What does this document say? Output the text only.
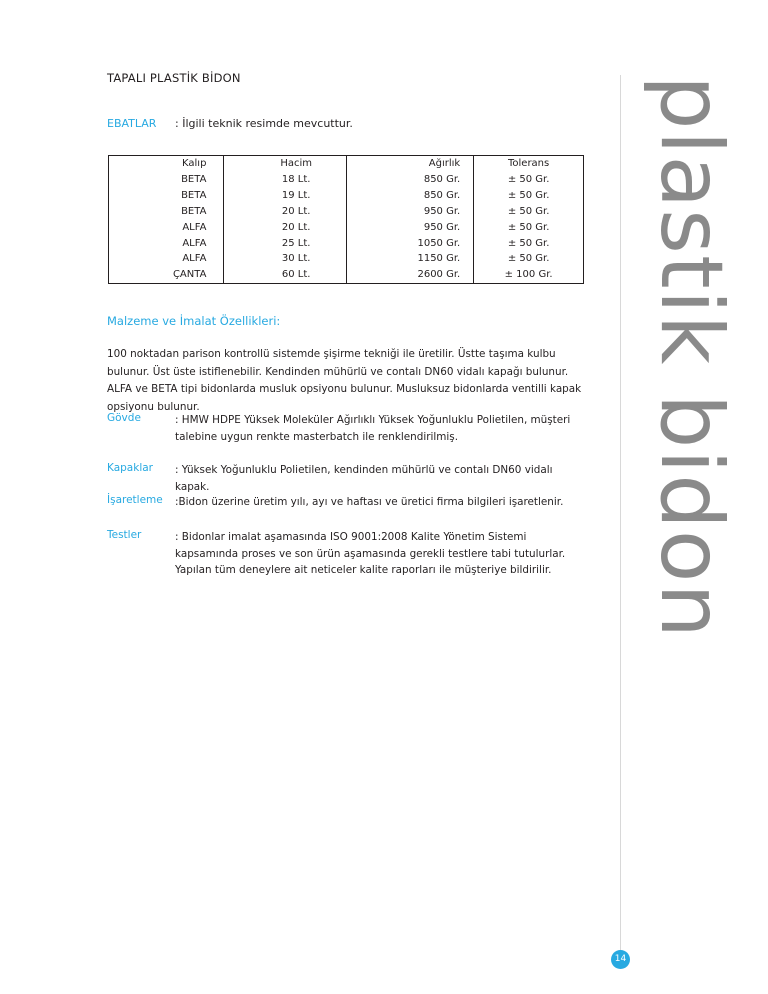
TAPALI PLASTİK BİDON
EBATLAR : İlgili teknik resimde mevcuttur.
Kalıp	Hacim	Ağırlık	Tolerans
BETA	18 Lt.	850 Gr.	± 50 Gr.
BETA	19 Lt.	850 Gr.	± 50 Gr.
BETA	20 Lt.	950 Gr.	± 50 Gr.
ALFA	20 Lt.	950 Gr.	± 50 Gr.
ALFA	25 Lt.	1050 Gr.	± 50 Gr.
ALFA	30 Lt.	1150 Gr.	± 50 Gr.
ÇANTA	60 Lt.	2600 Gr.	± 100 Gr.
Malzeme ve İmalat Özellikleri:
100 noktadan parison kontrollü sistemde şişirme tekniği ile üretilir. Üstte taşıma kulbu bulunur. Üst üste istiflenebilir. Kendinden mühürlü ve contalı DN60 vidalı kapağı bulunur. ALFA ve BETA tipi bidonlarda musluk opsiyonu bulunur. Musluksuz bidonlarda ventilli kapak opsiyonu bulunur.
Gövde	: HMW HDPE Yüksek Moleküler Ağırlıklı Yüksek Yoğunluklu Polietilen, müşteri talebine uygun renkte masterbatch ile renklendirilmiş.
Kapaklar : Yüksek Yoğunluklu Polietilen, kendinden mühürlü ve contalı DN60 vidalı kapak.
İşaretleme :Bidon üzerine üretim yılı, ayı ve haftası ve üretici firma bilgileri işaretlenir.
Testler	: Bidonlar imalat aşamasında ISO 9001:2008 Kalite Yönetim Sistemi kapsamında proses ve son ürün aşamasında gerekli testlere tabi tutulurlar. Yapılan tüm deneylere ait neticeler kalite raporları ile müşteriye bildirilir.	plastik bidon
14
